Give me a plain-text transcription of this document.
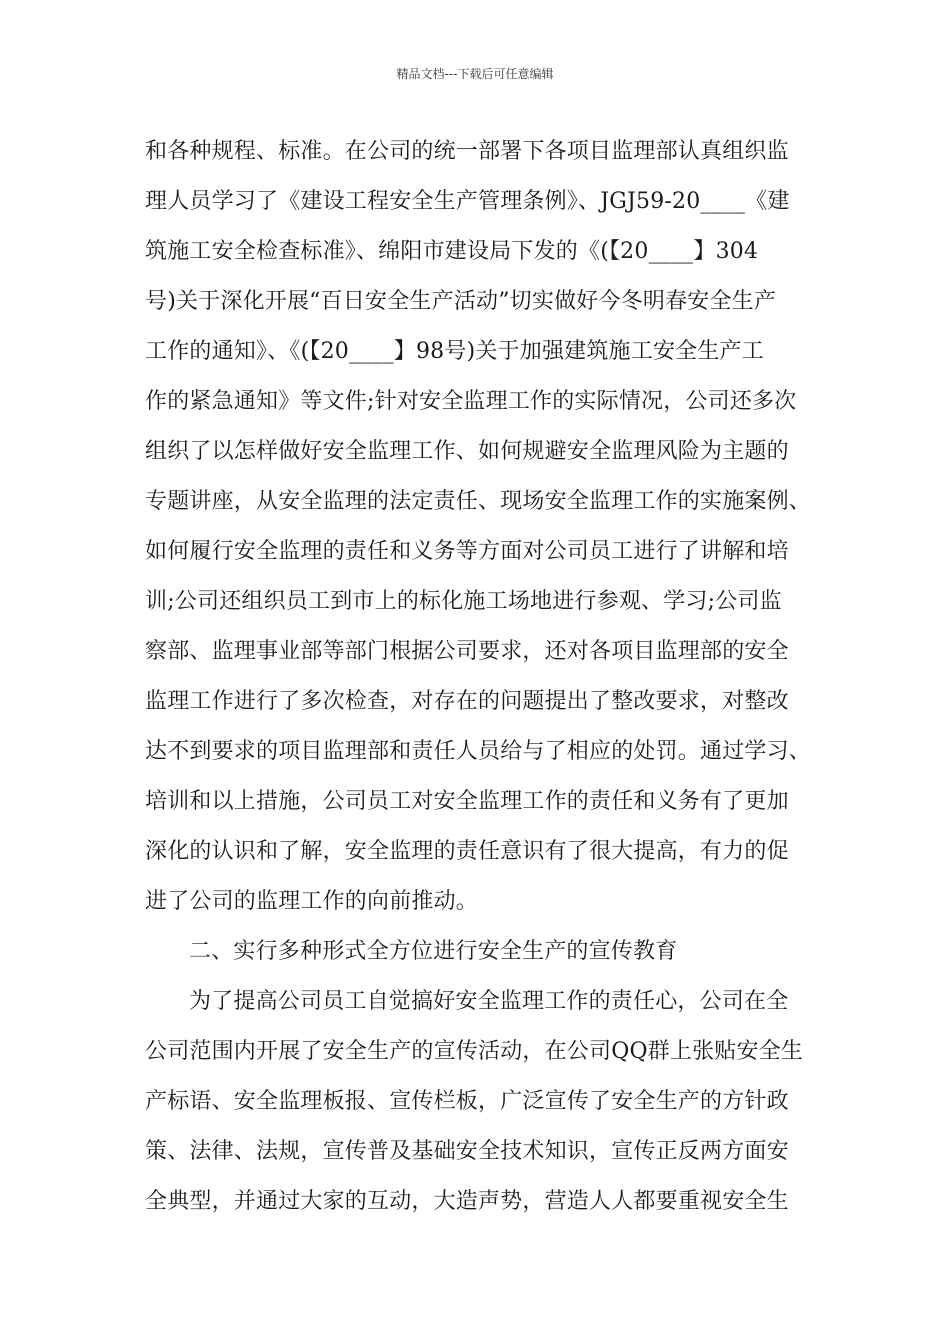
精品文档---下载后可任意编辑
和各种规程、标准。在公司的统一部署下各项目监理部认真组织监
理人员学习了《建设工程安全生产管理条例》、JGJ59-20____《建
筑施工安全检查标准》、绵阳市建设局下发的《(【20____】304
号)关于深化开展“百日安全生产活动”切实做好今冬明春安全生产
工作的通知》、《(【20____】98号)关于加强建筑施工安全生产工
作的紧急通知》等文件;针对安全监理工作的实际情况，公司还多次
组织了以怎样做好安全监理工作、如何规避安全监理风险为主题的
专题讲座，从安全监理的法定责任、现场安全监理工作的实施案例、
如何履行安全监理的责任和义务等方面对公司员工进行了讲解和培
训;公司还组织员工到市上的标化施工场地进行参观、学习;公司监
察部、监理事业部等部门根据公司要求，还对各项目监理部的安全
监理工作进行了多次检查，对存在的问题提出了整改要求，对整改
达不到要求的项目监理部和责任人员给与了相应的处罚。通过学习、
培训和以上措施，公司员工对安全监理工作的责任和义务有了更加
深化的认识和了解，安全监理的责任意识有了很大提高，有力的促
进了公司的监理工作的向前推动。
二、实行多种形式全方位进行安全生产的宣传教育
为了提高公司员工自觉搞好安全监理工作的责任心，公司在全
公司范围内开展了安全生产的宣传活动，在公司QQ群上张贴安全生
产标语、安全监理板报、宣传栏板，广泛宣传了安全生产的方针政
策、法律、法规，宣传普及基础安全技术知识，宣传正反两方面安
全典型，并通过大家的互动，大造声势，营造人人都要重视安全生
